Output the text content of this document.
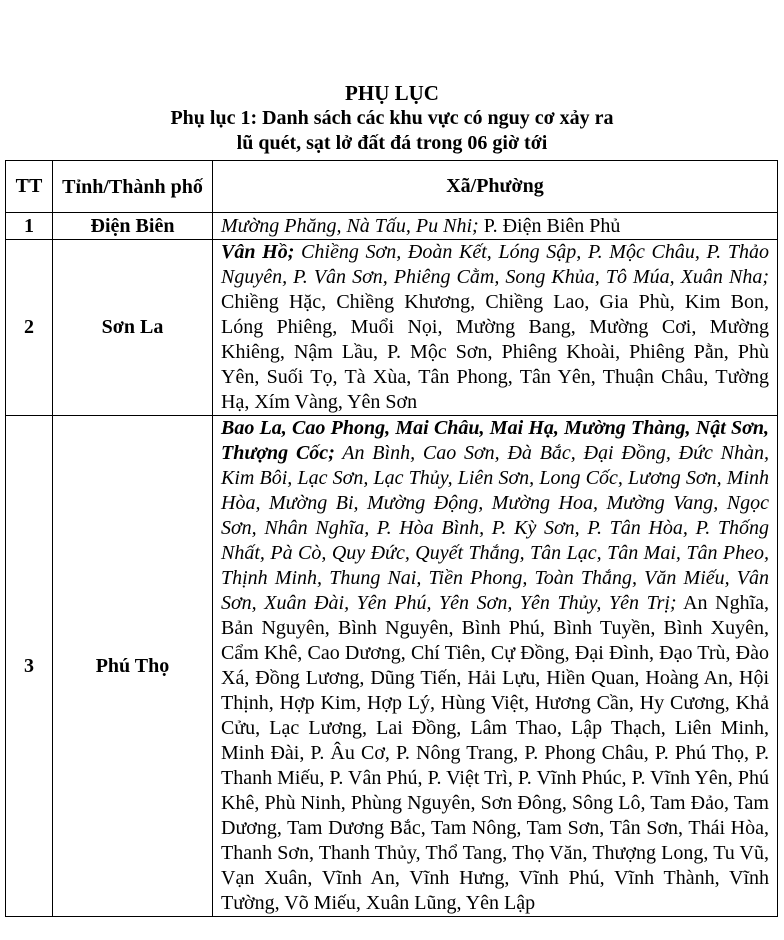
PHỤ LỤC
Phụ lục 1: Danh sách các khu vực có nguy cơ xảy ra
lũ quét, sạt lở đất đá trong 06 giờ tới
TT	Tỉnh/Thành phố	Xã/Phường
1	Điện Biên	Mường Phăng, Nà Tấu, Pu Nhi; P. Điện Biên Phủ
2	Sơn La	Vân Hồ; Chiềng Sơn, Đoàn Kết, Lóng Sập, P. Mộc Châu, P. Thảo Nguyên, P. Vân Sơn, Phiêng Cằm, Song Khủa, Tô Múa, Xuân Nha; Chiềng Hặc, Chiềng Khương, Chiềng Lao, Gia Phù, Kim Bon, Lóng Phiêng, Muổi Nọi, Mường Bang, Mường Cơi, Mường Khiêng, Nậm Lầu, P. Mộc Sơn, Phiêng Khoài, Phiêng Pằn, Phù Yên, Suối Tọ, Tà Xùa, Tân Phong, Tân Yên, Thuận Châu, Tường Hạ, Xím Vàng, Yên Sơn
3	Phú Thọ	Bao La, Cao Phong, Mai Châu, Mai Hạ, Mường Thàng, Nật Sơn, Thượng Cốc; An Bình, Cao Sơn, Đà Bắc, Đại Đồng, Đức Nhàn, Kim Bôi, Lạc Sơn, Lạc Thủy, Liên Sơn, Long Cốc, Lương Sơn, Minh Hòa, Mường Bi, Mường Động, Mường Hoa, Mường Vang, Ngọc Sơn, Nhân Nghĩa, P. Hòa Bình, P. Kỳ Sơn, P. Tân Hòa, P. Thống Nhất, Pà Cò, Quy Đức, Quyết Thắng, Tân Lạc, Tân Mai, Tân Pheo, Thịnh Minh, Thung Nai, Tiền Phong, Toàn Thắng, Văn Miếu, Vân Sơn, Xuân Đài, Yên Phú, Yên Sơn, Yên Thủy, Yên Trị; An Nghĩa, Bản Nguyên, Bình Nguyên, Bình Phú, Bình Tuyền, Bình Xuyên, Cẩm Khê, Cao Dương, Chí Tiên, Cự Đồng, Đại Đình, Đạo Trù, Đào Xá, Đồng Lương, Dũng Tiến, Hải Lựu, Hiền Quan, Hoàng An, Hội Thịnh, Hợp Kim, Hợp Lý, Hùng Việt, Hương Cần, Hy Cương, Khả Cửu, Lạc Lương, Lai Đồng, Lâm Thao, Lập Thạch, Liên Minh, Minh Đài, P. Âu Cơ, P. Nông Trang, P. Phong Châu, P. Phú Thọ, P. Thanh Miếu, P. Vân Phú, P. Việt Trì, P. Vĩnh Phúc, P. Vĩnh Yên, Phú Khê, Phù Ninh, Phùng Nguyên, Sơn Đông, Sông Lô, Tam Đảo, Tam Dương, Tam Dương Bắc, Tam Nông, Tam Sơn, Tân Sơn, Thái Hòa, Thanh Sơn, Thanh Thủy, Thổ Tang, Thọ Văn, Thượng Long, Tu Vũ, Vạn Xuân, Vĩnh An, Vĩnh Hưng, Vĩnh Phú, Vĩnh Thành, Vĩnh Tường, Võ Miếu, Xuân Lũng, Yên Lập
